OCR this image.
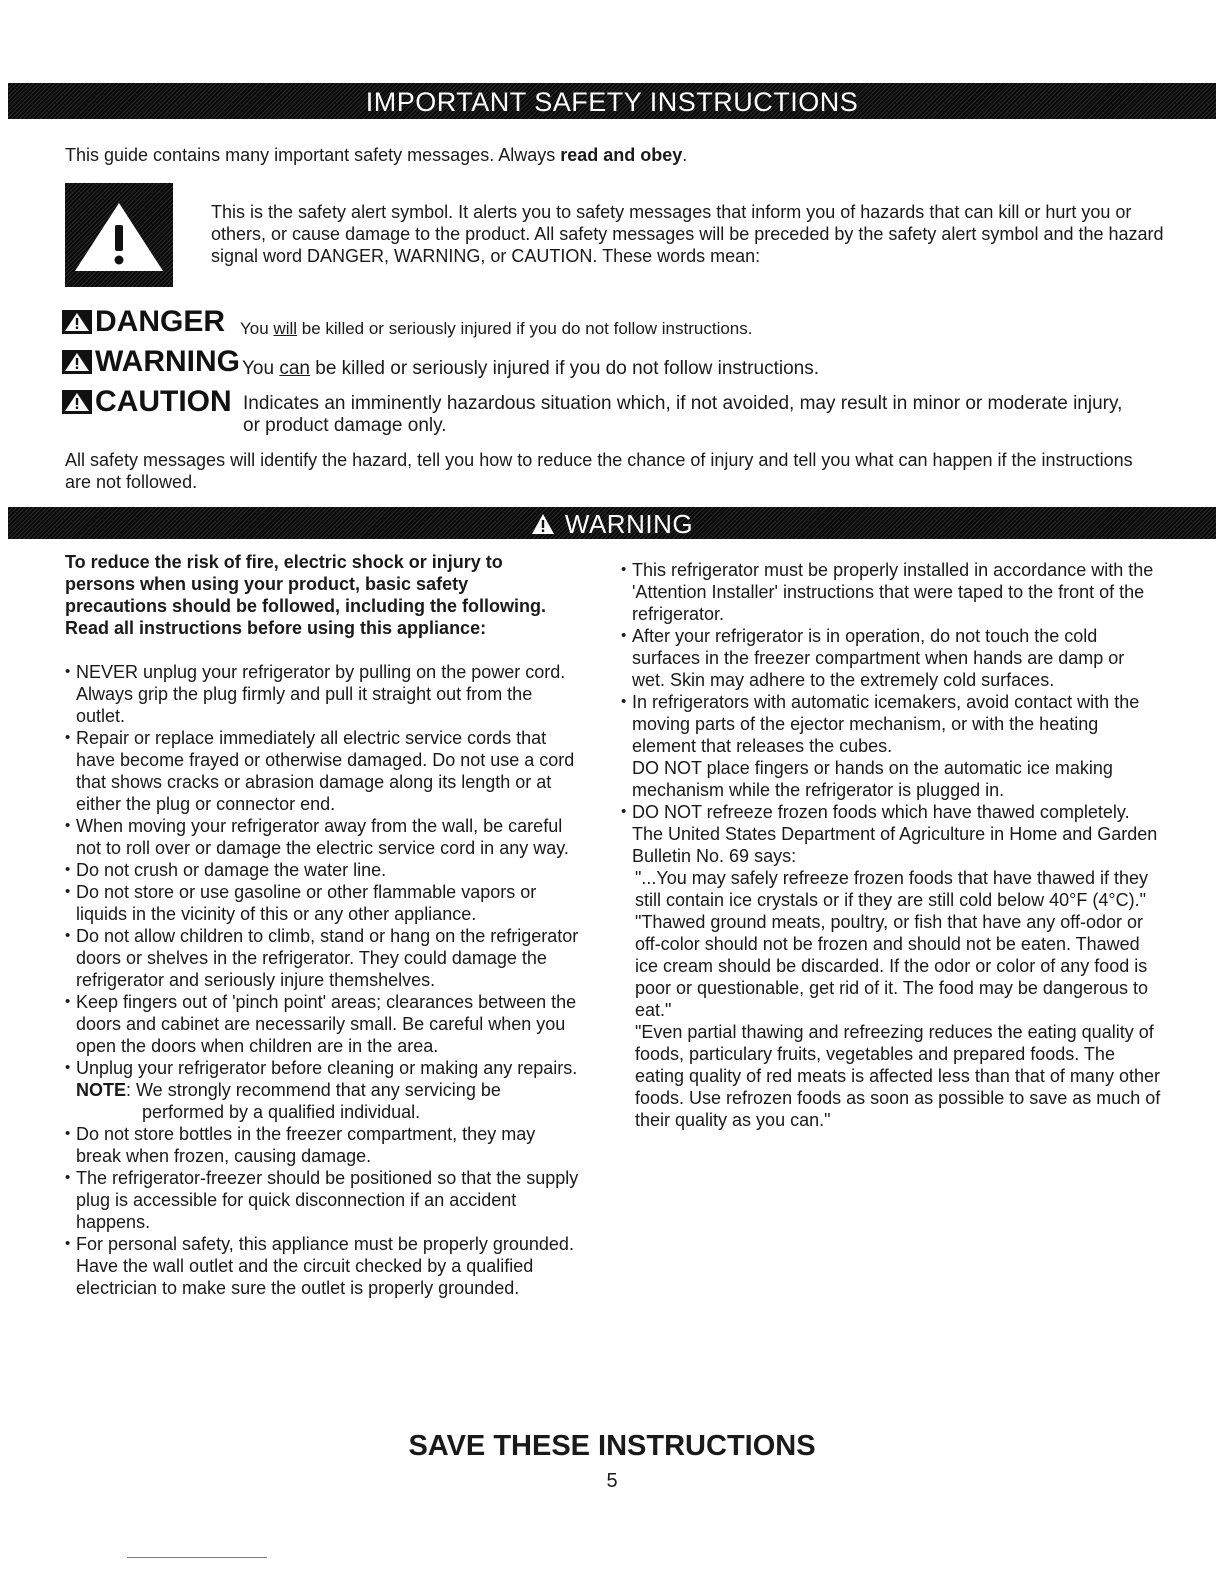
IMPORTANT SAFETY INSTRUCTIONS
This guide contains many important safety messages. Always read and obey.
This is the safety alert symbol. It alerts you to safety messages that inform you of hazards that can kill or hurt you or others, or cause damage to the product. All safety messages will be preceded by the safety alert symbol and the hazard signal word DANGER, WARNING, or CAUTION. These words mean:
DANGER You will be killed or seriously injured if you do not follow instructions.
WARNING You can be killed or seriously injured if you do not follow instructions.
CAUTION Indicates an imminently hazardous situation which, if not avoided, may result in minor or moderate injury, or product damage only.
All safety messages will identify the hazard, tell you how to reduce the chance of injury and tell you what can happen if the instructions are not followed.
WARNING

To reduce the risk of fire, electric shock or injury to persons when using your product, basic safety precautions should be followed, including the following. Read all instructions before using this appliance:

• NEVER unplug your refrigerator by pulling on the power cord. Always grip the plug firmly and pull it straight out from the outlet.
• Repair or replace immediately all electric service cords that have become frayed or otherwise damaged. Do not use a cord that shows cracks or abrasion damage along its length or at either the plug or connector end.
• When moving your refrigerator away from the wall, be careful not to roll over or damage the electric service cord in any way.
• Do not crush or damage the water line.
• Do not store or use gasoline or other flammable vapors or liquids in the vicinity of this or any other appliance.
• Do not allow children to climb, stand or hang on the refrigerator doors or shelves in the refrigerator. They could damage the refrigerator and seriously injure themshelves.
• Keep fingers out of 'pinch point' areas; clearances between the doors and cabinet are necessarily small. Be careful when you open the doors when children are in the area.
• Unplug your refrigerator before cleaning or making any repairs.
NOTE: We strongly recommend that any servicing be
performed by a qualified individual.
• Do not store bottles in the freezer compartment, they may break when frozen, causing damage.
• The refrigerator-freezer should be positioned so that the supply plug is accessible for quick disconnection if an accident happens.
• For personal safety, this appliance must be properly grounded. Have the wall outlet and the circuit checked by a qualified electrician to make sure the outlet is properly grounded.
• This refrigerator must be properly installed in accordance with the 'Attention Installer' instructions that were taped to the front of the refrigerator.
• After your refrigerator is in operation, do not touch the cold surfaces in the freezer compartment when hands are damp or wet. Skin may adhere to the extremely cold surfaces.
• In refrigerators with automatic icemakers, avoid contact with the moving parts of the ejector mechanism, or with the heating element that releases the cubes.
DO NOT place fingers or hands on the automatic ice making mechanism while the refrigerator is plugged in.
• DO NOT refreeze frozen foods which have thawed completely. The United States Department of Agriculture in Home and Garden Bulletin No. 69 says:

"...You may safely refreeze frozen foods that have thawed if they still contain ice crystals or if they are still cold below 40°F (4°C)."

"Thawed ground meats, poultry, or fish that have any off-odor or off-color should not be frozen and should not be eaten. Thawed ice cream should be discarded. If the odor or color of any food is poor or questionable, get rid of it. The food may be dangerous to eat."

"Even partial thawing and refreezing reduces the eating quality of foods, particulary fruits, vegetables and prepared foods. The eating quality of red meats is affected less than that of many other foods. Use refrozen foods as soon as possible to save as much of their quality as you can."

SAVE THESE INSTRUCTIONS
5
